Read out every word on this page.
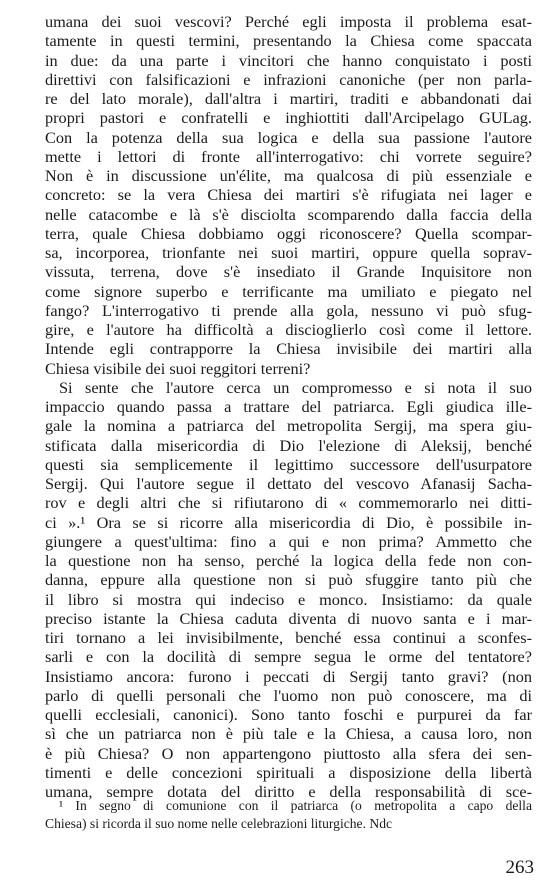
umana dei suoi vescovi? Perché egli imposta il problema esat-
tamente in questi termini, presentando la Chiesa come spaccata
in due: da una parte i vincitori che hanno conquistato i posti
direttivi con falsificazioni e infrazioni canoniche (per non parla-
re del lato morale), dall'altra i martiri, traditi e abbandonati dai
propri pastori e confratelli e inghiottiti dall'Arcipelago GULag.
Con la potenza della sua logica e della sua passione l'autore
mette i lettori di fronte all'interrogativo: chi vorrete seguire?
Non è in discussione un'élite, ma qualcosa di più essenziale e
concreto: se la vera Chiesa dei martiri s'è rifugiata nei lager e
nelle catacombe e là s'è disciolta scomparendo dalla faccia della
terra, quale Chiesa dobbiamo oggi riconoscere? Quella scompar-
sa, incorporea, trionfante nei suoi martiri, oppure quella soprav-
vissuta, terrena, dove s'è insediato il Grande Inquisitore non
come signore superbo e terrificante ma umiliato e piegato nel
fango? L'interrogativo ti prende alla gola, nessuno vi può sfug-
gire, e l'autore ha difficoltà a discioglierlo così come il lettore.
Intende egli contrapporre la Chiesa invisibile dei martiri alla
Chiesa visibile dei suoi reggitori terreni?
Si sente che l'autore cerca un compromesso e si nota il suo
impaccio quando passa a trattare del patriarca. Egli giudica ille-
gale la nomina a patriarca del metropolita Sergij, ma spera giu-
stificata dalla misericordia di Dio l'elezione di Aleksij, benché
questi sia semplicemente il legittimo successore dell'usurpatore
Sergij. Qui l'autore segue il dettato del vescovo Afanasij Sacha-
rov e degli altri che si rifiutarono di « commemorarlo nei ditti-
ci ».¹ Ora se si ricorre alla misericordia di Dio, è possibile in-
giungere a quest'ultima: fino a qui e non prima? Ammetto che
la questione non ha senso, perché la logica della fede non con-
danna, eppure alla questione non si può sfuggire tanto più che
il libro si mostra qui indeciso e monco. Insistiamo: da quale
preciso istante la Chiesa caduta diventa di nuovo santa e i mar-
tiri tornano a lei invisibilmente, benché essa continui a sconfes-
sarli e con la docilità di sempre segua le orme del tentatore?
Insistiamo ancora: furono i peccati di Sergij tanto gravi? (non
parlo di quelli personali che l'uomo non può conoscere, ma di
quelli ecclesiali, canonici). Sono tanto foschi e purpurei da far
sì che un patriarca non è più tale e la Chiesa, a causa loro, non
è più Chiesa? O non appartengono piuttosto alla sfera dei sen-
timenti e delle concezioni spirituali a disposizione della libertà
umana, sempre dotata del diritto e della responsabilità di sce-
¹ In segno di comunione con il patriarca (o metropolita a capo della
Chiesa) si ricorda il suo nome nelle celebrazioni liturgiche. Ndc
263
